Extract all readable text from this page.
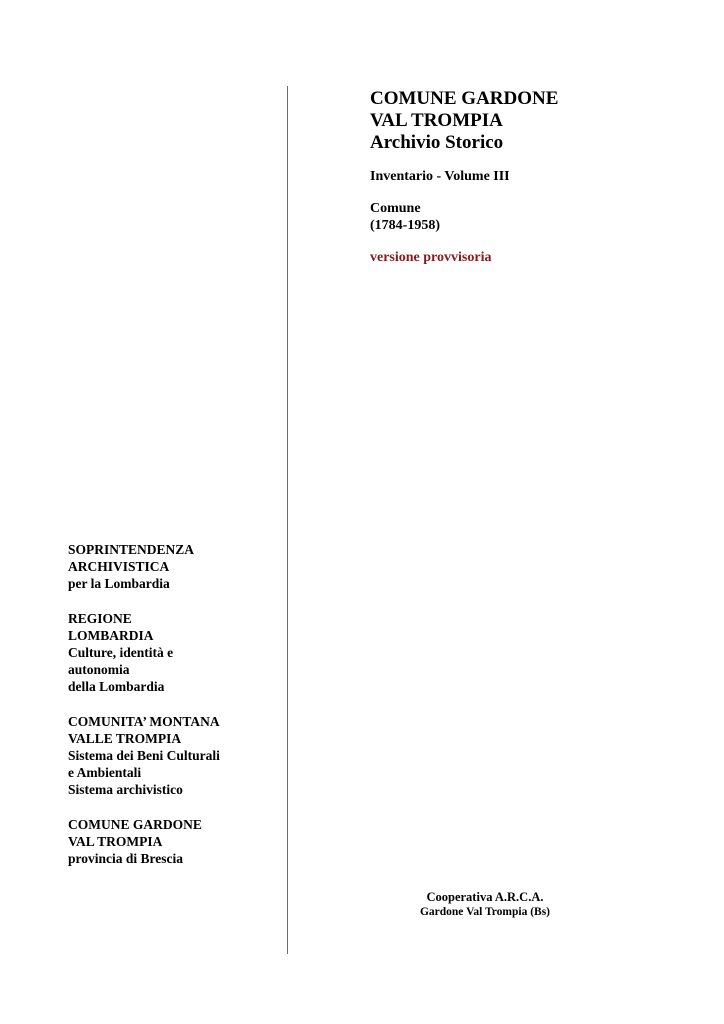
COMUNE GARDONE

VAL TROMPIA

Archivio Storico

Inventario - Volume III

Comune

(1784-1958)

versione provvisoria

SOPRINTENDENZA

ARCHIVISTICA

per la Lombardia

REGIONE

LOMBARDIA

Culture, identità e

autonomia

della Lombardia

COMUNITA’ MONTANA

VALLE TROMPIA

Sistema dei Beni Culturali

e Ambientali

Sistema archivistico

COMUNE GARDONE

VAL TROMPIA

provincia di Brescia

Cooperativa A.R.C.A.

Gardone Val Trompia (Bs)
